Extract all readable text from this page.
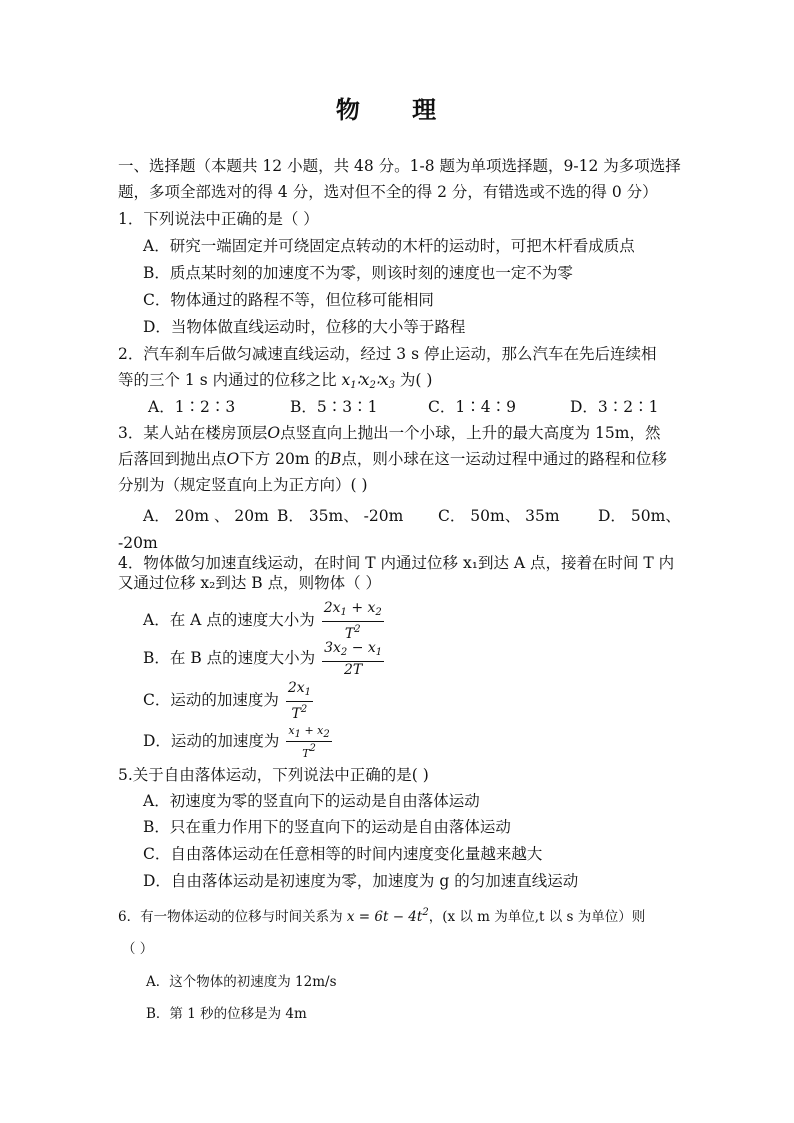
物 理
一、选择题（本题共 12 小题，共 48 分。1-8 题为单项选择题，9-12 为多项选择
题，多项全部选对的得 4 分，选对但不全的得 2 分，有错选或不选的得 0 分）
1．下列说法中正确的是（ ）
A．研究一端固定并可绕固定点转动的木杆的运动时，可把木杆看成质点
B．质点某时刻的加速度不为零，则该时刻的速度也一定不为零
C．物体通过的路程不等，但位移可能相同
D．当物体做直线运动时，位移的大小等于路程
2．汽车刹车后做匀减速直线运动，经过 3 s 停止运动，那么汽车在先后连续相
等的三个 1 s 内通过的位移之比 $x_1∶x_2∶x_3$ 为( )
A．1∶2∶3	B．5∶3∶1	C．1∶4∶9	D．3∶2∶1
3．某人站在楼房顶层O点竖直向上抛出一个小球，上升的最大高度为 15m，然
后落回到抛出点O下方 20m 的B点，则小球在这一运动过程中通过的路程和位移
分别为（规定竖直向上为正方向）( )
A． 20m 、 20m B． 35m、 -20m C． 50m、 35m D． 50m、
-20m
4．物体做匀加速直线运动，在时间 T 内通过位移 x₁到达 A 点，接着在时间 T 内
又通过位移 x₂到达 B 点，则物体（ ）
A．在 A 点的速度大小为 $\frac{2x_1 + x_2}{T^2}$
B．在 B 点的速度大小为 $\frac{3x_2 - x_1}{2T}$
C．运动的加速度为 $\frac{2x_1}{T^2}$
D．运动的加速度为 $\frac{x1 + x2}{T2}$
5.关于自由落体运动，下列说法中正确的是( )
A．初速度为零的竖直向下的运动是自由落体运动
B．只在重力作用下的竖直向下的运动是自由落体运动
C．自由落体运动在任意相等的时间内速度变化量越来越大
D．自由落体运动是初速度为零，加速度为 g 的匀加速直线运动
6．有一物体运动的位移与时间关系为 $x = 6t - 4t^2$，(x 以 m 为单位,t 以 s 为单位）则
（ ）
A．这个物体的初速度为 12m/s
B．第 1 秒的位移是为 4m
